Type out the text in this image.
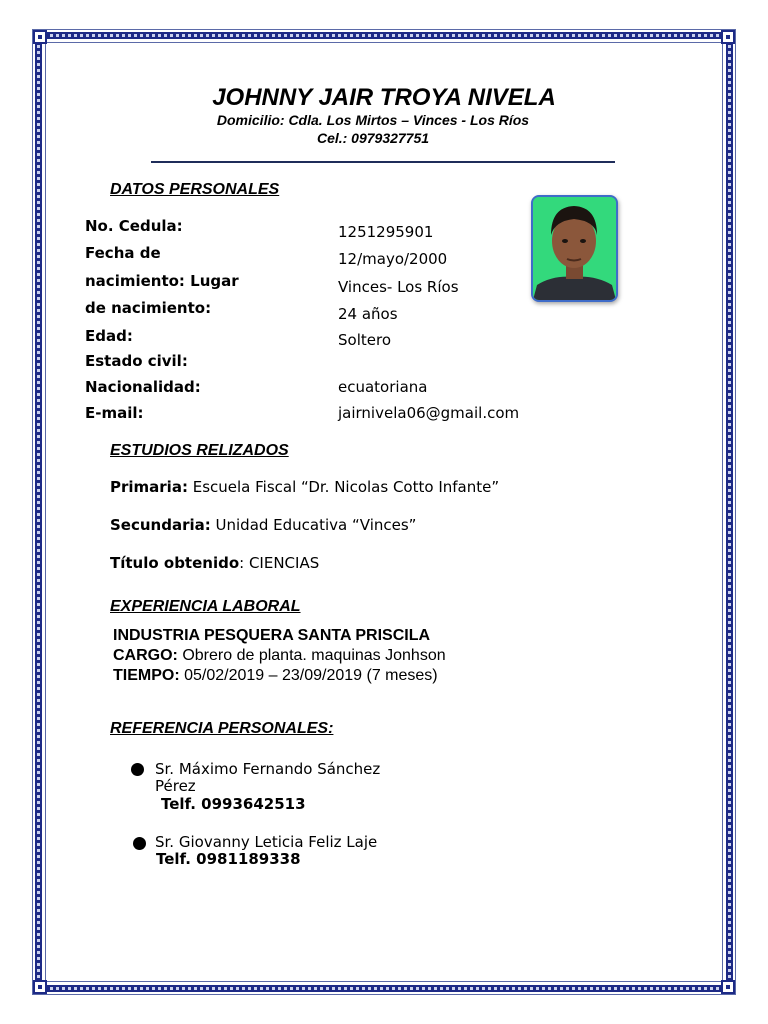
JOHNNY JAIR TROYA NIVELA
Domicilio: Cdla. Los Mirtos – Vinces - Los Ríos
Cel.: 0979327751
DATOS PERSONALES
No. Cedula:
Fecha de
nacimiento: Lugar
de nacimiento:
Edad:
Estado civil:
Nacionalidad:
E-mail:
1251295901
12/mayo/2000
Vinces- Los Ríos
24 años
Soltero
ecuatoriana
jairnivela06@gmail.com
ESTUDIOS RELIZADOS
Primaria: Escuela Fiscal “Dr. Nicolas Cotto Infante”
Secundaria: Unidad Educativa “Vinces”
Título obtenido: CIENCIAS
EXPERIENCIA LABORAL
INDUSTRIA PESQUERA SANTA PRISCILA
CARGO: Obrero de planta. maquinas Jonhson
TIEMPO: 05/02/2019 – 23/09/2019 (7 meses)
REFERENCIA PERSONALES:
Sr. Máximo Fernando Sánchez
Pérez
Telf. 0993642513
Sr. Giovanny Leticia Feliz Laje
Telf. 0981189338
